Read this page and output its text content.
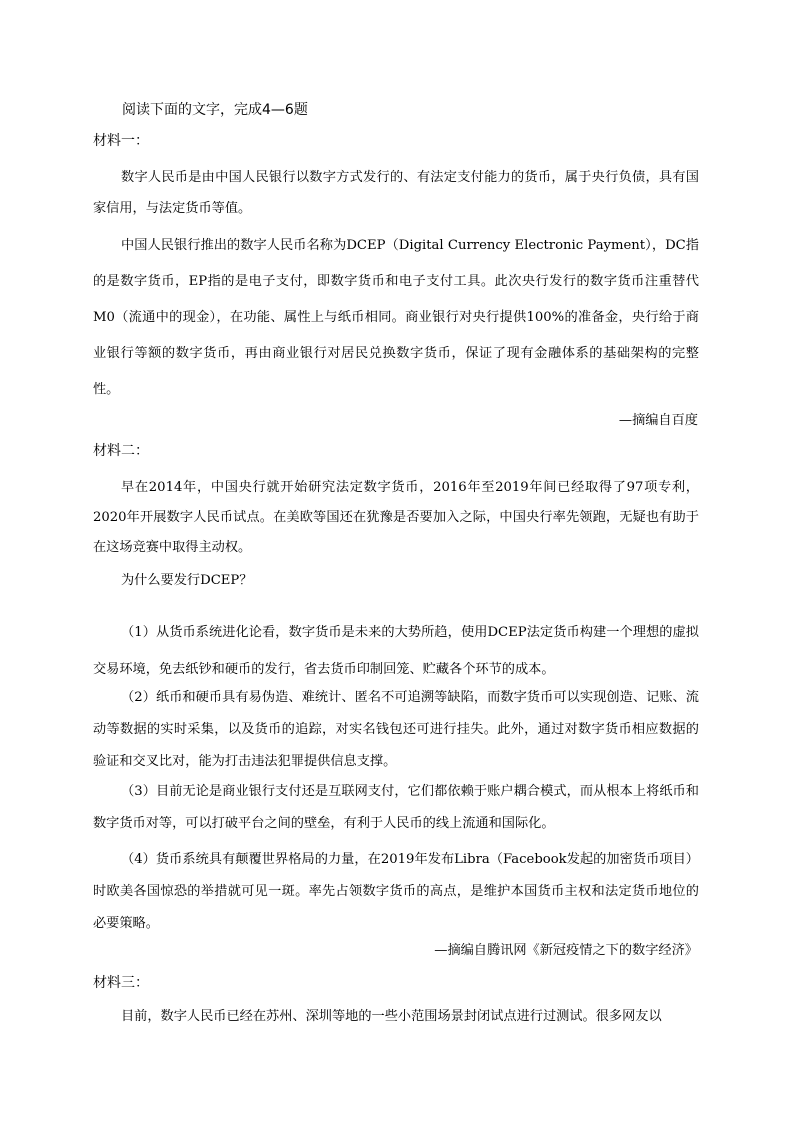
阅读下面的文字，完成4—6题
材料一：

数字人民币是由中国人民银行以数字方式发行的、有法定支付能力的货币，属于央行负债，具有国家信用，与法定货币等值。

中国人民银行推出的数字人民币名称为DCEP（Digital Currency Electronic Payment），DC指的是数字货币，EP指的是电子支付，即数字货币和电子支付工具。此次央行发行的数字货币注重替代M0（流通中的现金），在功能、属性上与纸币相同。商业银行对央行提供100%的准备金，央行给于商业银行等额的数字货币，再由商业银行对居民兑换数字货币，保证了现有金融体系的基础架构的完整性。

—摘编自百度
材料二：

早在2014年，中国央行就开始研究法定数字货币，2016年至2019年间已经取得了97项专利，2020年开展数字人民币试点。在美欧等国还在犹豫是否要加入之际，中国央行率先领跑，无疑也有助于在这场竞赛中取得主动权。

为什么要发行DCEP？

（1）从货币系统进化论看，数字货币是未来的大势所趋，使用DCEP法定货币构建一个理想的虚拟交易环境，免去纸钞和硬币的发行，省去货币印制回笼、贮藏各个环节的成本。

（2）纸币和硬币具有易伪造、难统计、匿名不可追溯等缺陷，而数字货币可以实现创造、记账、流动等数据的实时采集，以及货币的追踪，对实名钱包还可进行挂失。此外，通过对数字货币相应数据的验证和交叉比对，能为打击违法犯罪提供信息支撑。

（3）目前无论是商业银行支付还是互联网支付，它们都依赖于账户耦合模式，而从根本上将纸币和数字货币对等，可以打破平台之间的壁垒，有利于人民币的线上流通和国际化。

（4）货币系统具有颠覆世界格局的力量，在2019年发布Libra（Facebook发起的加密货币项目）时欧美各国惊恐的举措就可见一斑。率先占领数字货币的高点，是维护本国货币主权和法定货币地位的必要策略。

—摘编自腾讯网《新冠疫情之下的数字经济》
材料三：

目前，数字人民币已经在苏州、深圳等地的一些小范围场景封闭试点进行过测试。很多网友以
